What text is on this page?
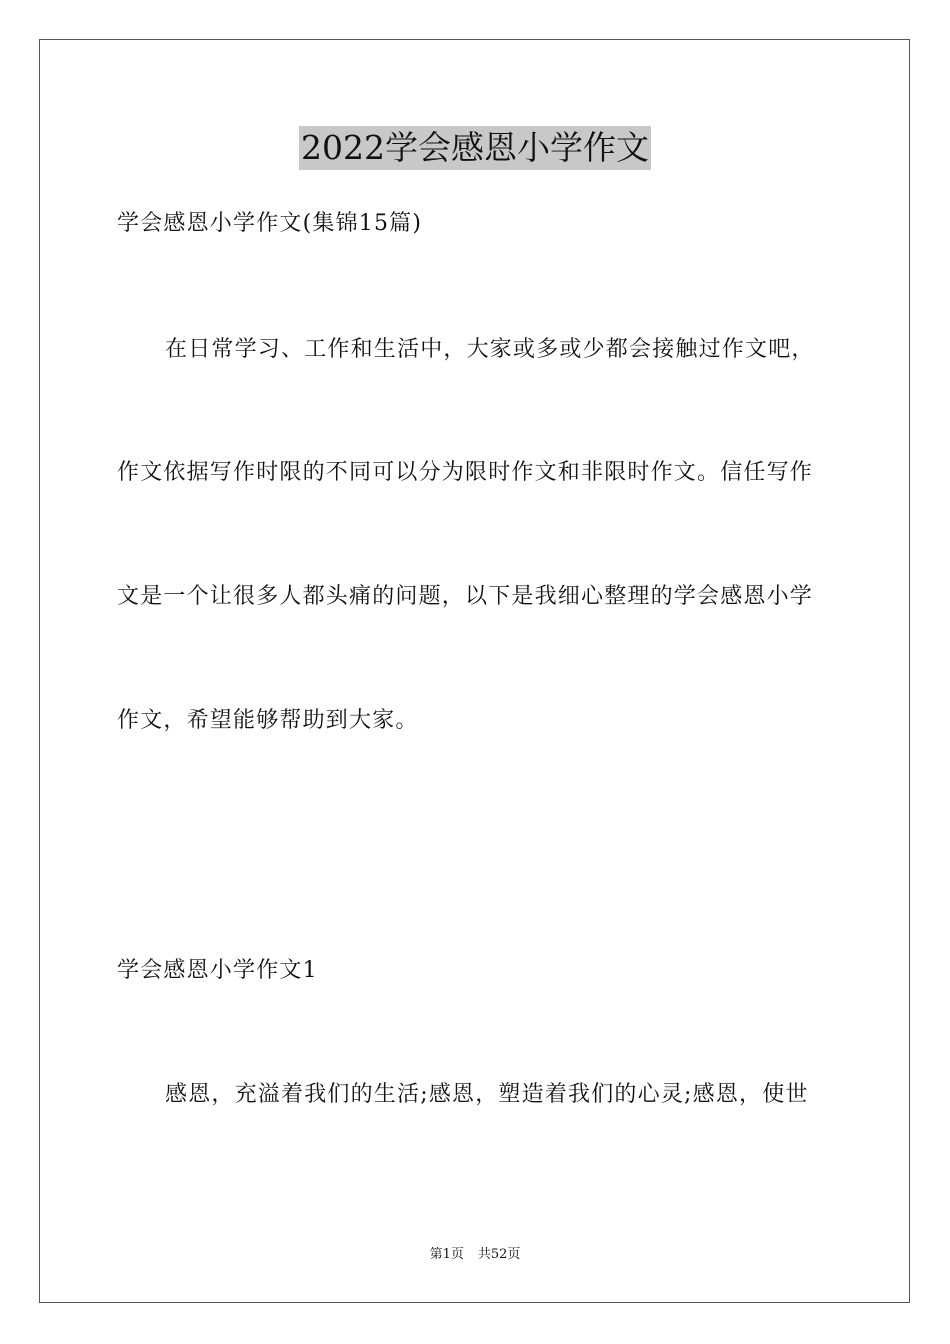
2022学会感恩小学作文
学会感恩小学作文(集锦15篇)
在日常学习、工作和生活中，大家或多或少都会接触过作文吧，
作文依据写作时限的不同可以分为限时作文和非限时作文。信任写作
文是一个让很多人都头痛的问题，以下是我细心整理的学会感恩小学
作文，希望能够帮助到大家。
学会感恩小学作文1
感恩，充溢着我们的生活;感恩，塑造着我们的心灵;感恩，使世
第1页 共52页
